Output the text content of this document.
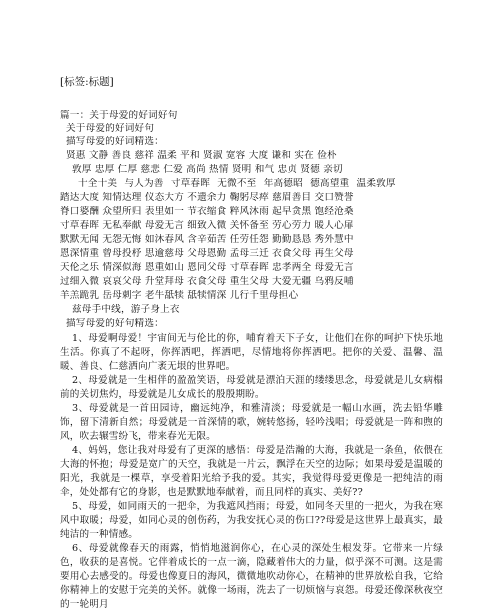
[标签:标题]
篇一：关于母爱的好词好句
关于母爱的好词好句
描写母爱的好词精选：
贤惠 文静 善良 慈祥 温柔 平和 贤淑 宽容 大度 谦和 实在 俭朴
敦厚 忠厚 仁厚 慈悲 仁爱 高尚 热情 贤明 和气 忠贞 贤德 亲切
十全十美 与人为善 寸草春晖 无微不至 年高德昭 德高望重 温柔敦厚
踏达大度 知情达理 仪态大方 不遗余力 鞠躬尽瘁 慈眉善目 交口赞誉
脊口婆酬 众望所归 表里如一 节衣缩食 粹风沐雨 起早贪黑 饱经沧桑
寸草春晖 无私奉献 母爱无言 细致入微 关怀备至 劳心劳力 暖人心扉
默默无闻 无怨无悔 如沐春风 含辛茹苦 任劳任怨 勤勤恳恳 秀外慧中
恩深情重 曾母投杼 思逾慈母 父母恩勤 孟母三迁 衣食父母 再生父母
天伦之乐 情深似海 恩重如山 恩同父母 寸草春晖 忠孝两全 母爱无言
过细入微 哀哀父母 升堂拜母 衣食父母 重生父母 大爱无疆 乌鸦反哺
羊羔跪乳 岳母刺字 老牛舐犊 舐犊情深 儿行千里母担心
兹母手中线，游子身上衣
描写母爱的好句精选：
1、母爱啊母爱！宇宙间无与伦比的你，哺育着天下子女，让他们在你的呵护下快乐地生活。你真了不起呀，你挥洒吧，挥洒吧，尽情地将你挥洒吧。把你的关爱、温馨、温暖、善良、仁慈洒向广袤无垠的世界吧。
2、母爱就是一生相伴的盈盈笑语，母爱就是漂泊天涯的缕缕思念，母爱就是儿女病榻前的关切焦灼，母爱就是儿女成长的殷殷期盼。
3、母爱就是一首田园诗，幽远纯净，和雅清淡；母爱就是一幅山水画，洗去铅华雕饰，留下清新自然；母爱就是一首深情的歌，婉转悠扬，轻吟浅唱；母爱就是一阵和煦的风，吹去辗雪纷飞，带来春光无限。
4、妈妈，您让我对母爱有了更深的感悟：母爱是浩瀚的大海，我就是一条鱼，依偎在大海的怀抱；母爱是宽广的天空，我就是一片云，飘浮在天空的边际；如果母爱是温暖的阳光，我就是一棵草，享受着阳光给予我的爱。其实，我觉得母爱更像是一把纯洁的雨伞，处处都有它的身影，也是默默地奉献着，而且同样的真实、美好??
5、母爱，如同雨天的一把伞，为我遮风挡雨；母爱，如同冬天里的一把火，为我在寒风中取暖；母爱，如同心灵的创伤药，为我安抚心灵的伤口??母爱是这世界上最真实，最纯洁的一种情感。
6、母爱就像春天的雨露，悄悄地滋润你心，在心灵的深处生根发芽。它带来一片绿色，收获的是喜悦。它伴着成长的一点一滴，隐藏着伟大的力量，似乎深不可测。这是需要用心去感受的。母爱也像夏日的海风，微微地吹动你心，在精神的世界放松自我，它给你精神上的安慰于完美的关怀。就像一场雨，洗去了一切烦恼与哀怨。母爱还像深秋夜空的一轮明月
